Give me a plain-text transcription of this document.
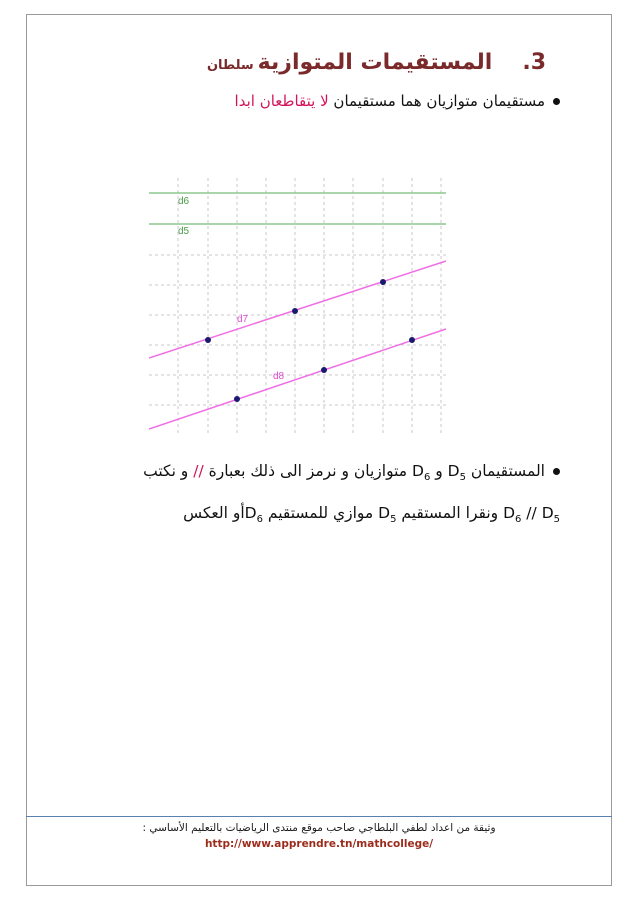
3.المستقيمات المتوازيةسلطان
مستقيمان متوازيان هما مستقيمان لا يتقاطعان ابدا
d6
d5
d7
d8
المستقيمان $D_5$ و $D_6$ متوازيان و نرمز الى ذلك بعبارة // و نكتب
$D_6 // D_5$ ونقرا المستقيم $D_5$ موازي للمستقيم $D_6أو$ العكس
وثيقة من اعداد لطفي البلطاجي صاحب موقع منتدى الرياضيات بالتعليم الأساسي :
http://www.apprendre.tn/mathcollege/
